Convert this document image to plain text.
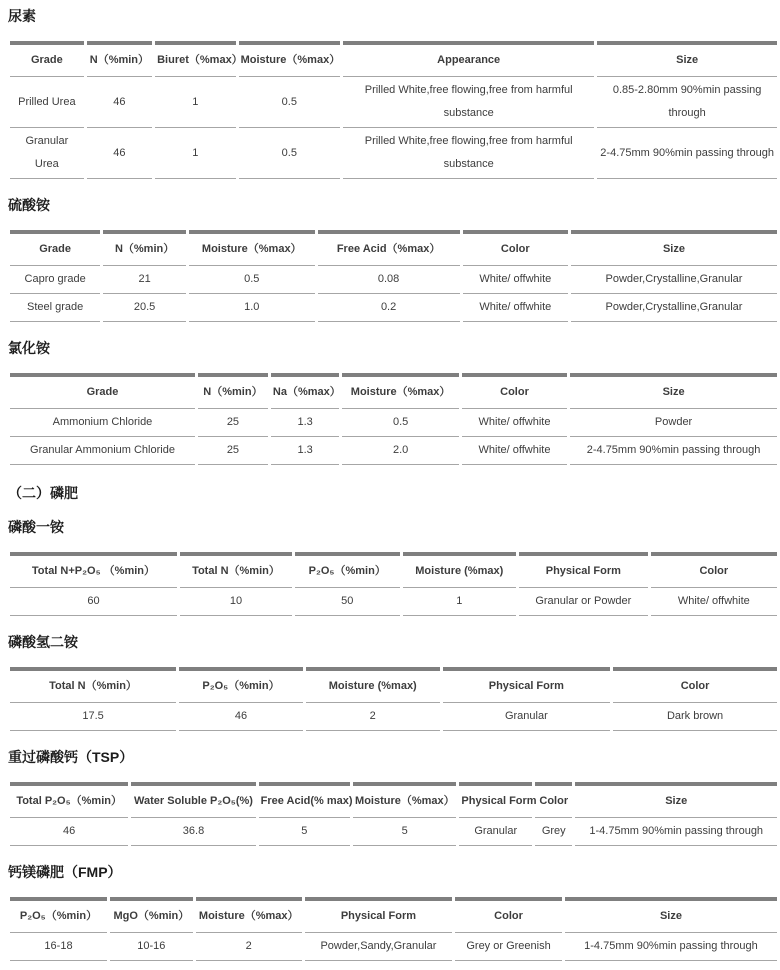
尿素
Grade	N（%min）	Biuret（%max）	Moisture（%max）	Appearance	Size
Prilled Urea	46	1	0.5	Prilled White,free flowing,free from harmful substance	0.85-2.80mm 90%min passing through
Granular Urea	46	1	0.5	Prilled White,free flowing,free from harmful substance	2-4.75mm 90%min passing through
硫酸铵
Grade	N（%min）	Moisture（%max）	Free Acid（%max）	Color	Size
Capro grade	21	0.5	0.08	White/ offwhite	Powder,Crystalline,Granular
Steel grade	20.5	1.0	0.2	White/ offwhite	Powder,Crystalline,Granular
氯化铵
Grade	N（%min）	Na（%max）	Moisture（%max）	Color	Size
Ammonium Chloride	25	1.3	0.5	White/ offwhite	Powder
Granular Ammonium Chloride	25	1.3	2.0	White/ offwhite	2-4.75mm 90%min passing through
（二）磷肥
磷酸一铵
Total N+P₂O₅ （%min）	Total N（%min）	P₂O₅（%min）	Moisture (%max)	Physical Form	Color
60	10	50	1	Granular or Powder	White/ offwhite
磷酸氢二铵
Total N（%min）	P₂O₅（%min）	Moisture (%max)	Physical Form	Color
17.5	46	2	Granular	Dark brown
重过磷酸钙（TSP）
Total P₂O₅（%min）	Water Soluble P₂O₅(%)	Free Acid(% max)	Moisture（%max）	Physical Form	Color	Size
46	36.8	5	5	Granular	Grey	1-4.75mm 90%min passing through
钙镁磷肥（FMP）
P₂O₅（%min）	MgO（%min）	Moisture（%max）	Physical Form	Color	Size
16-18	10-16	2	Powder,Sandy,Granular	Grey or Greenish	1-4.75mm 90%min passing through
